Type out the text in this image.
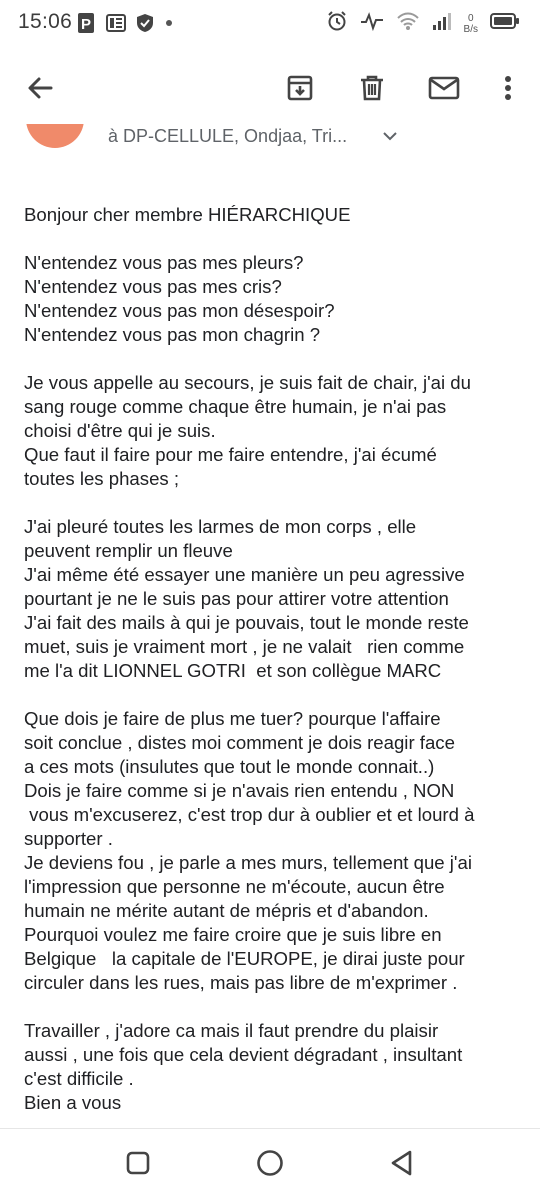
15:06 P	0
B/s
à DP-CELLULE, Ondjaa, Tri...

Bonjour cher membre HIÉRARCHIQUE

N'entendez vous pas mes pleurs?
N'entendez vous pas mes cris?
N'entendez vous pas mon désespoir?
N'entendez vous pas mon chagrin ?

Je vous appelle au secours, je suis fait de chair, j'ai du
sang rouge comme chaque être humain, je n'ai pas
choisi d'être qui je suis.
Que faut il faire pour me faire entendre, j'ai écumé
toutes les phases ;

J'ai pleuré toutes les larmes de mon corps , elle
peuvent remplir un fleuve
J'ai même été essayer une manière un peu agressive
pourtant je ne le suis pas pour attirer votre attention
J'ai fait des mails à qui je pouvais, tout le monde reste
muet, suis je vraiment mort , je ne valait   rien comme
me l'a dit LIONNEL GOTRI  et son collègue MARC

Que dois je faire de plus me tuer? pourque l'affaire
soit conclue , distes moi comment je dois reagir face
a ces mots (insulutes que tout le monde connait..)
Dois je faire comme si je n'avais rien entendu , NON
vous m'excuserez, c'est trop dur à oublier et et lourd à
supporter .
Je deviens fou , je parle a mes murs, tellement que j'ai
l'impression que personne ne m'écoute, aucun être
humain ne mérite autant de mépris et d'abandon.
Pourquoi voulez me faire croire que je suis libre en
Belgique   la capitale de l'EUROPE, je dirai juste pour
circuler dans les rues, mais pas libre de m'exprimer .

Travailler , j'adore ca mais il faut prendre du plaisir
aussi , une fois que cela devient dégradant , insultant
c'est difficile .
Bien a vous
